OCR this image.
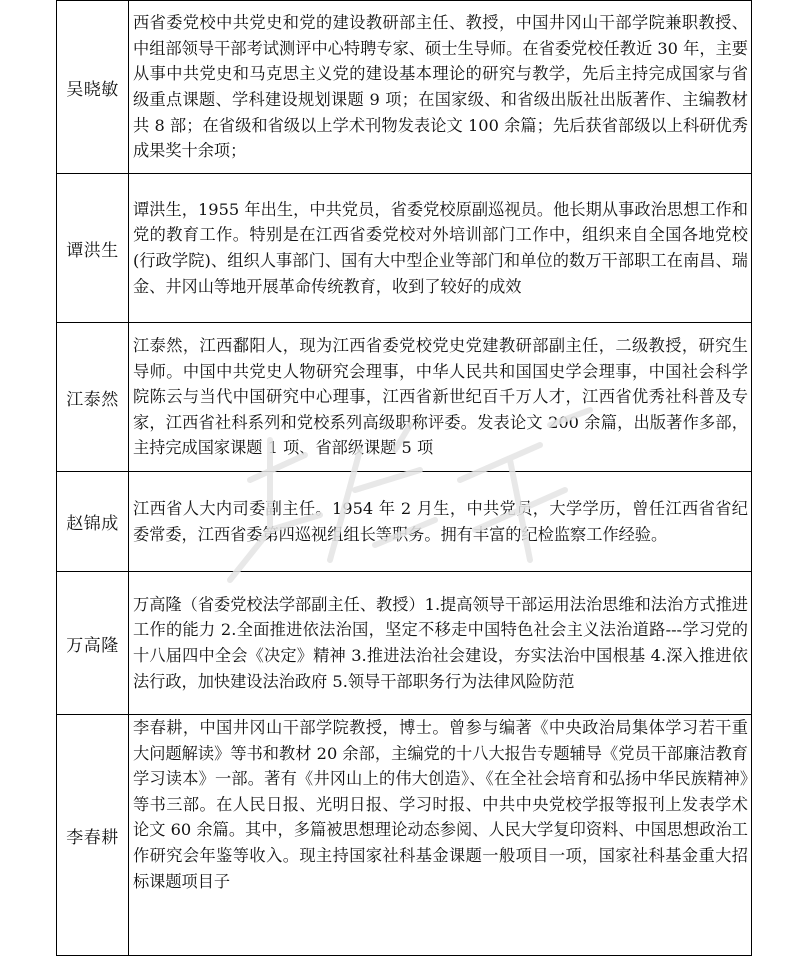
吴晓敏	西省委党校中共党史和党的建设教研部主任、教授，中国井冈山干部学院兼职教授、中组部领导干部考试测评中心特聘专家、硕士生导师。在省委党校任教近 30 年，主要从事中共党史和马克思主义党的建设基本理论的研究与教学，先后主持完成国家与省级重点课题、学科建设规划课题 9 项；在国家级、和省级出版社出版著作、主编教材共 8 部；在省级和省级以上学术刊物发表论文 100 余篇；先后获省部级以上科研优秀成果奖十余项；

谭洪生	谭洪生，1955 年出生，中共党员，省委党校原副巡视员。他长期从事政治思想工作和党的教育工作。特别是在江西省委党校对外培训部门工作中，组织来自全国各地党校(行政学院)、组织人事部门、国有大中型企业等部门和单位的数万干部职工在南昌、瑞金、井冈山等地开展革命传统教育，收到了较好的成效

江泰然	江泰然，江西鄱阳人，现为江西省委党校党史党建教研部副主任，二级教授，研究生导师。中国中共党史人物研究会理事，中华人民共和国国史学会理事，中国社会科学院陈云与当代中国研究中心理事，江西省新世纪百千万人才，江西省优秀社科普及专家，江西省社科系列和党校系列高级职称评委。发表论文 200 余篇，出版著作多部，主持完成国家课题 1 项、省部级课题 5 项

赵锦成	江西省人大内司委副主任。1954 年 2 月生，中共党员，大学学历，曾任江西省省纪委常委，江西省委第四巡视组组长等职务。拥有丰富的纪检监察工作经验。

万高隆	万高隆（省委党校法学部副主任、教授）1.提高领导干部运用法治思维和法治方式推进工作的能力 2.全面推进依法治国，坚定不移走中国特色社会主义法治道路---学习党的十八届四中全会《决定》精神 3.推进法治社会建设，夯实法治中国根基 4.深入推进依法行政，加快建设法治政府 5.领导干部职务行为法律风险防范

李春耕	李春耕，中国井冈山干部学院教授，博士。曾参与编著《中央政治局集体学习若干重大问题解读》等书和教材 20 余部，主编党的十八大报告专题辅导《党员干部廉洁教育学习读本》一部。著有《井冈山上的伟大创造》、《在全社会培育和弘扬中华民族精神》等书三部。在人民日报、光明日报、学习时报、中共中央党校学报等报刊上发表学术论文 60 余篇。其中，多篇被思想理论动态参阅、人民大学复印资料、中国思想政治工作研究会年鉴等收入。现主持国家社科基金课题一般项目一项，国家社科基金重大招标课题项目子
